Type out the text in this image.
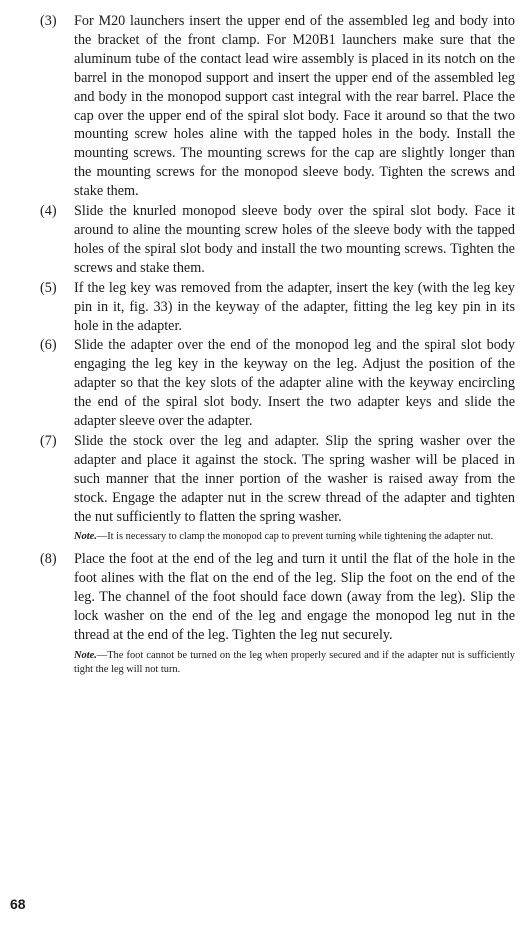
(3)	For M20 launchers insert the upper end of the assembled leg and body into the bracket of the front clamp. For M20B1 launchers make sure that the aluminum tube of the contact lead wire assembly is placed in its notch on the barrel in the monopod support and insert the upper end of the assembled leg and body in the monopod support cast integral with the rear barrel. Place the cap over the upper end of the spiral slot body. Face it around so that the two mounting screw holes aline with the tapped holes in the body. Install the mounting screws. The mounting screws for the cap are slightly longer than the mounting screws for the monopod sleeve body. Tighten the screws and stake them.
(4)	Slide the knurled monopod sleeve body over the spiral slot body. Face it around to aline the mounting screw holes of the sleeve body with the tapped holes of the spiral slot body and install the two mounting screws. Tighten the screws and stake them.
(5)	If the leg key was removed from the adapter, insert the key (with the leg key pin in it, fig. 33) in the keyway of the adapter, fitting the leg key pin in its hole in the adapter.
(6)	Slide the adapter over the end of the monopod leg and the spiral slot body engaging the leg key in the keyway on the leg. Adjust the position of the adapter so that the key slots of the adapter aline with the keyway encircling the end of the spiral slot body. Insert the two adapter keys and slide the adapter sleeve over the adapter.
(7)	Slide the stock over the leg and adapter. Slip the spring washer over the adapter and place it against the stock. The spring washer will be placed in such manner that the inner portion of the washer is raised away from the stock. Engage the adapter nut in the screw thread of the adapter and tighten the nut sufficiently to flatten the spring washer.
Note.—It is necessary to clamp the monopod cap to prevent turning while tightening the adapter nut.
(8)	Place the foot at the end of the leg and turn it until the flat of the hole in the foot alines with the flat on the end of the leg. Slip the foot on the end of the leg. The channel of the foot should face down (away from the leg). Slip the lock washer on the end of the leg and engage the monopod leg nut in the thread at the end of the leg. Tighten the leg nut securely.
Note.—The foot cannot be turned on the leg when properly secured and if the adapter nut is sufficiently tight the leg will not turn.
68
